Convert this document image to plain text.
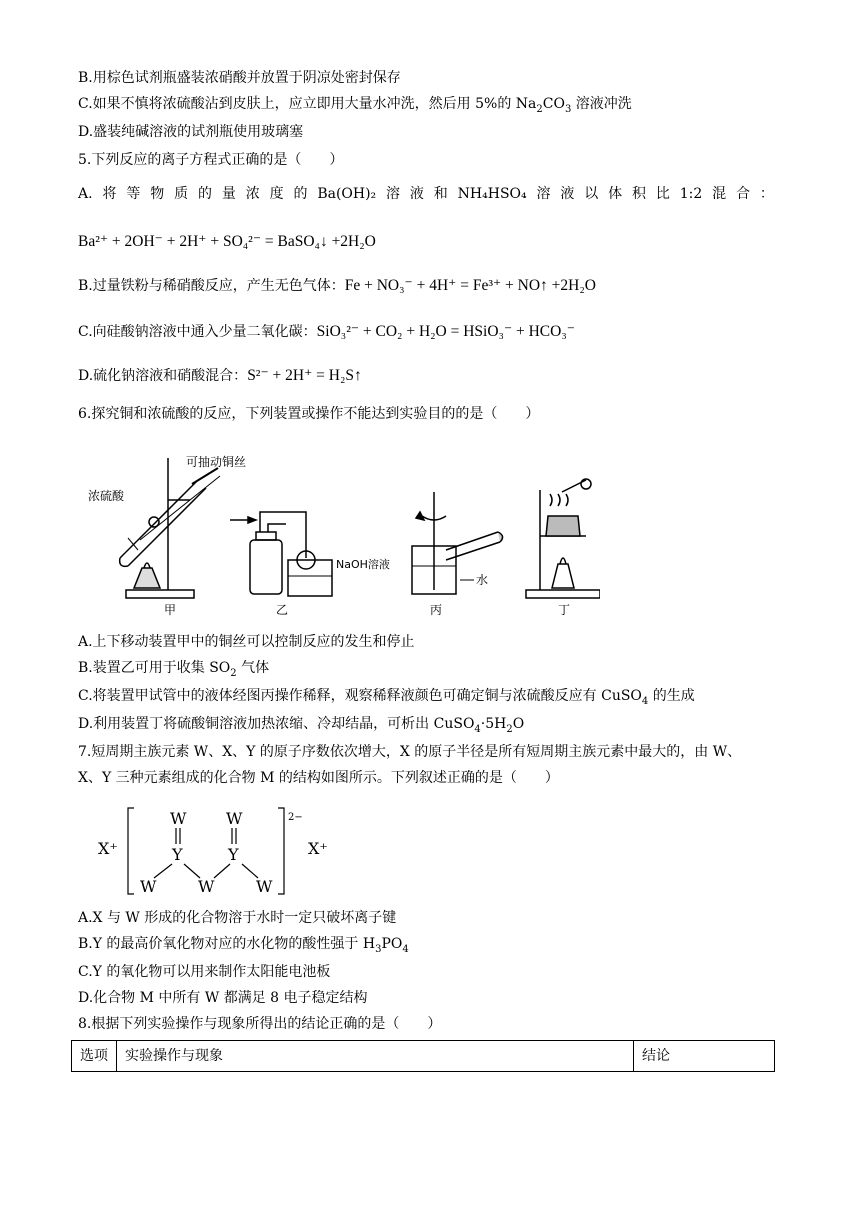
B.用棕色试剂瓶盛装浓硝酸并放置于阴凉处密封保存
C.如果不慎将浓硫酸沾到皮肤上，应立即用大量水冲洗，然后用 5%的 $Na_2CO_3$ 溶液冲洗
D.盛装纯碱溶液的试剂瓶使用玻璃塞
5.下列反应的离子方程式正确的是（　　）
A. 将 等 物 质 的 量 浓 度 的 Ba(OH)₂ 溶 液 和 NH₄HSO₄ 溶 液 以 体 积 比 1:2 混 合 ：
Ba²⁺ + 2OH⁻ + 2H⁺ + SO₄²⁻ = BaSO₄↓ +2H₂O
B.过量铁粉与稀硝酸反应，产生无色气体：Fe + NO₃⁻ + 4H⁺ = Fe³⁺ + NO↑ +2H₂O
C.向硅酸钠溶液中通入少量二氧化碳：SiO₃²⁻ + CO₂ + H₂O = HSiO₃⁻ + HCO₃⁻
D.硫化钠溶液和硝酸混合：S²⁻ + 2H⁺ = H₂S↑
6.探究铜和浓硫酸的反应，下列装置或操作不能达到实验目的的是（　　）
可抽动铜丝
浓硫酸
NaOH溶液
水
甲	乙	丙	丁
A.上下移动装置甲中的铜丝可以控制反应的发生和停止
B.装置乙可用于收集 $SO_2$ 气体
C.将装置甲试管中的液体经图丙操作稀释，观察稀释液颜色可确定铜与浓硫酸反应有 CuSO$_4$ 的生成
D.利用装置丁将硫酸铜溶液加热浓缩、冷却结晶，可析出 $CuSO_4\cdot 5H_2O$
7.短周期主族元素 W、X、Y 的原子序数依次增大，X 的原子半径是所有短周期主族元素中最大的，由 W、
X、Y 三种元素组成的化合物 M 的结构如图所示。下列叙述正确的是（　　）
X⁺	X⁺
W W
Y	Y
W	W	W
2−
A.X 与 W 形成的化合物溶于水时一定只破坏离子键
B.Y 的最高价氧化物对应的水化物的酸性强于 $H_3PO_4$
C.Y 的氧化物可以用来制作太阳能电池板
D.化合物 M 中所有 W 都满足 8 电子稳定结构
8.根据下列实验操作与现象所得出的结论正确的是（　　）
选项	实验操作与现象	结论
